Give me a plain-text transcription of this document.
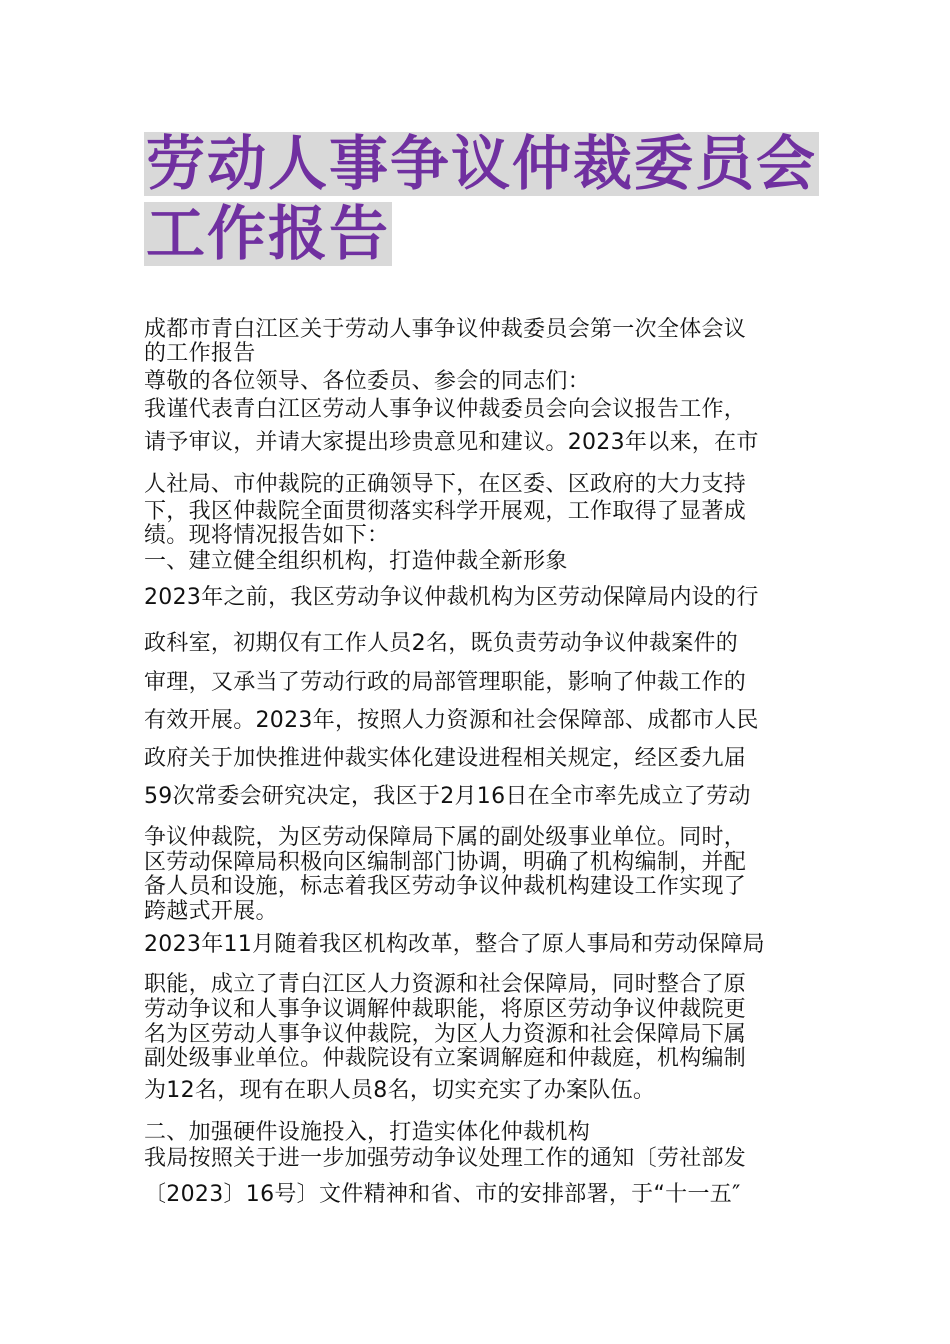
劳动人事争议仲裁委员会
工作报告

成都市青白江区关于劳动人事争议仲裁委员会第一次全体会议

的工作报告

尊敬的各位领导、各位委员、参会的同志们：

我谨代表青白江区劳动人事争议仲裁委员会向会议报告工作，

请予审议，并请大家提出珍贵意见和建议。2023年以来，在市

人社局、市仲裁院的正确领导下，在区委、区政府的大力支持

下，我区仲裁院全面贯彻落实科学开展观，工作取得了显著成

绩。现将情况报告如下：

一、建立健全组织机构，打造仲裁全新形象

2023年之前，我区劳动争议仲裁机构为区劳动保障局内设的行

政科室，初期仅有工作人员2名，既负责劳动争议仲裁案件的

审理，又承当了劳动行政的局部管理职能，影响了仲裁工作的

有效开展。2023年，按照人力资源和社会保障部、成都市人民

政府关于加快推进仲裁实体化建设进程相关规定，经区委九届

59次常委会研究决定，我区于2月16日在全市率先成立了劳动

争议仲裁院，为区劳动保障局下属的副处级事业单位。同时，

区劳动保障局积极向区编制部门协调，明确了机构编制，并配

备人员和设施，标志着我区劳动争议仲裁机构建设工作实现了

跨越式开展。

2023年11月随着我区机构改革，整合了原人事局和劳动保障局

职能，成立了青白江区人力资源和社会保障局，同时整合了原

劳动争议和人事争议调解仲裁职能，将原区劳动争议仲裁院更

名为区劳动人事争议仲裁院，为区人力资源和社会保障局下属

副处级事业单位。仲裁院设有立案调解庭和仲裁庭，机构编制

为12名，现有在职人员8名，切实充实了办案队伍。

二、加强硬件设施投入，打造实体化仲裁机构

我局按照关于进一步加强劳动争议处理工作的通知〔劳社部发

〔2023〕16号〕文件精神和省、市的安排部署，于“十一五″
